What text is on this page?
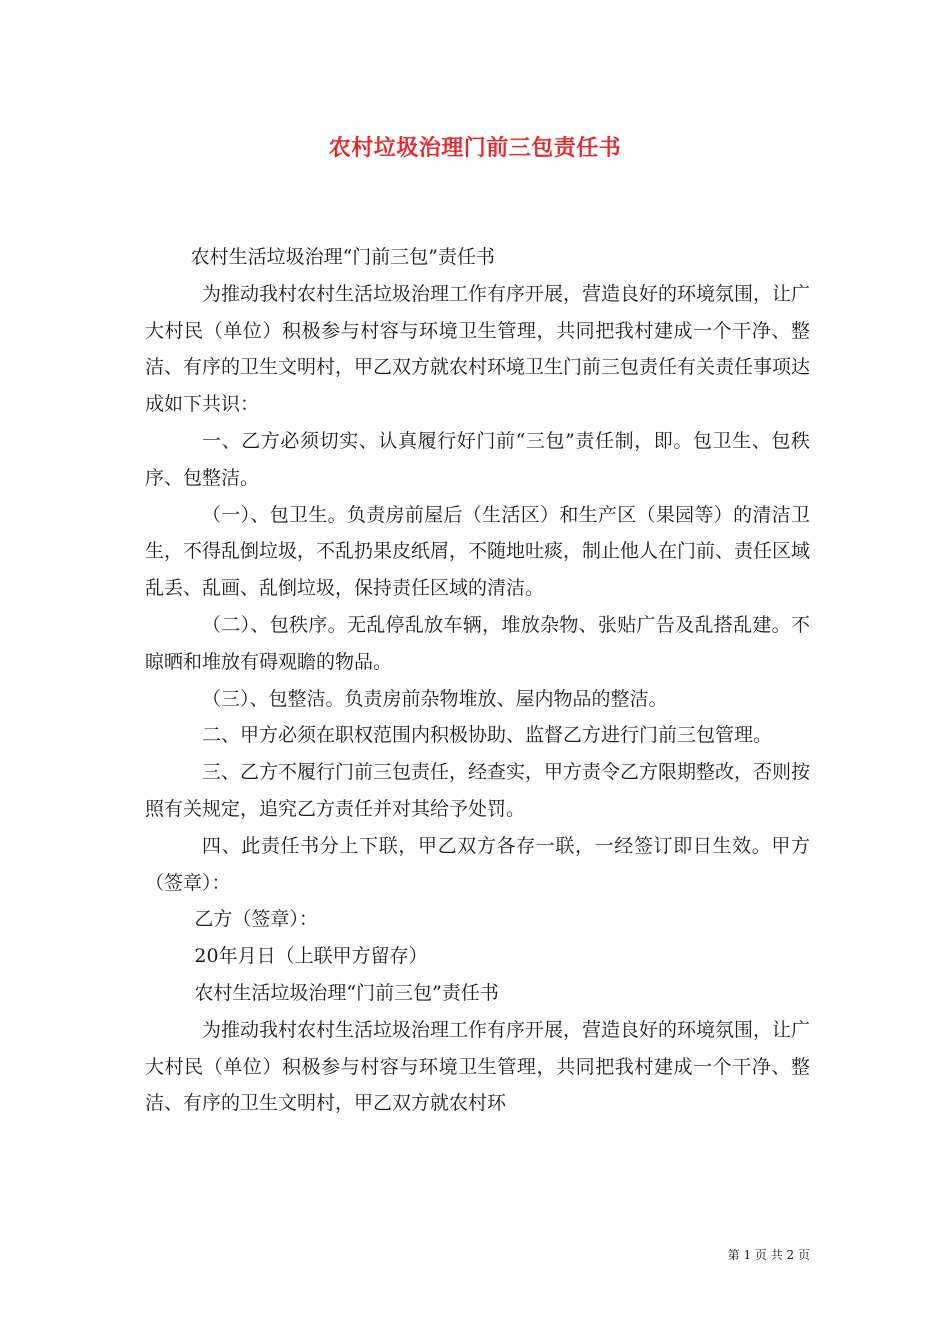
农村垃圾治理门前三包责任书

农村生活垃圾治理“门前三包”责任书

为推动我村农村生活垃圾治理工作有序开展，营造良好的环境氛围，让广大村民（单位）积极参与村容与环境卫生管理，共同把我村建成一个干净、整洁、有序的卫生文明村，甲乙双方就农村环境卫生门前三包责任有关责任事项达成如下共识：

一、乙方必须切实、认真履行好门前“三包”责任制，即。包卫生、包秩序、包整洁。

（一）、包卫生。负责房前屋后（生活区）和生产区（果园等）的清洁卫生，不得乱倒垃圾，不乱扔果皮纸屑，不随地吐痰，制止他人在门前、责任区域乱丢、乱画、乱倒垃圾，保持责任区域的清洁。

（二）、包秩序。无乱停乱放车辆，堆放杂物、张贴广告及乱搭乱建。不晾晒和堆放有碍观瞻的物品。

（三）、包整洁。负责房前杂物堆放、屋内物品的整洁。

二、甲方必须在职权范围内积极协助、监督乙方进行门前三包管理。

三、乙方不履行门前三包责任，经查实，甲方责令乙方限期整改，否则按照有关规定，追究乙方责任并对其给予处罚。

四、此责任书分上下联，甲乙双方各存一联，一经签订即日生效。甲方（签章）：

乙方（签章）：

20年月日（上联甲方留存）

农村生活垃圾治理“门前三包”责任书

为推动我村农村生活垃圾治理工作有序开展，营造良好的环境氛围，让广大村民（单位）积极参与村容与环境卫生管理，共同把我村建成一个干净、整洁、有序的卫生文明村，甲乙双方就农村环

第 1 页 共 2 页
